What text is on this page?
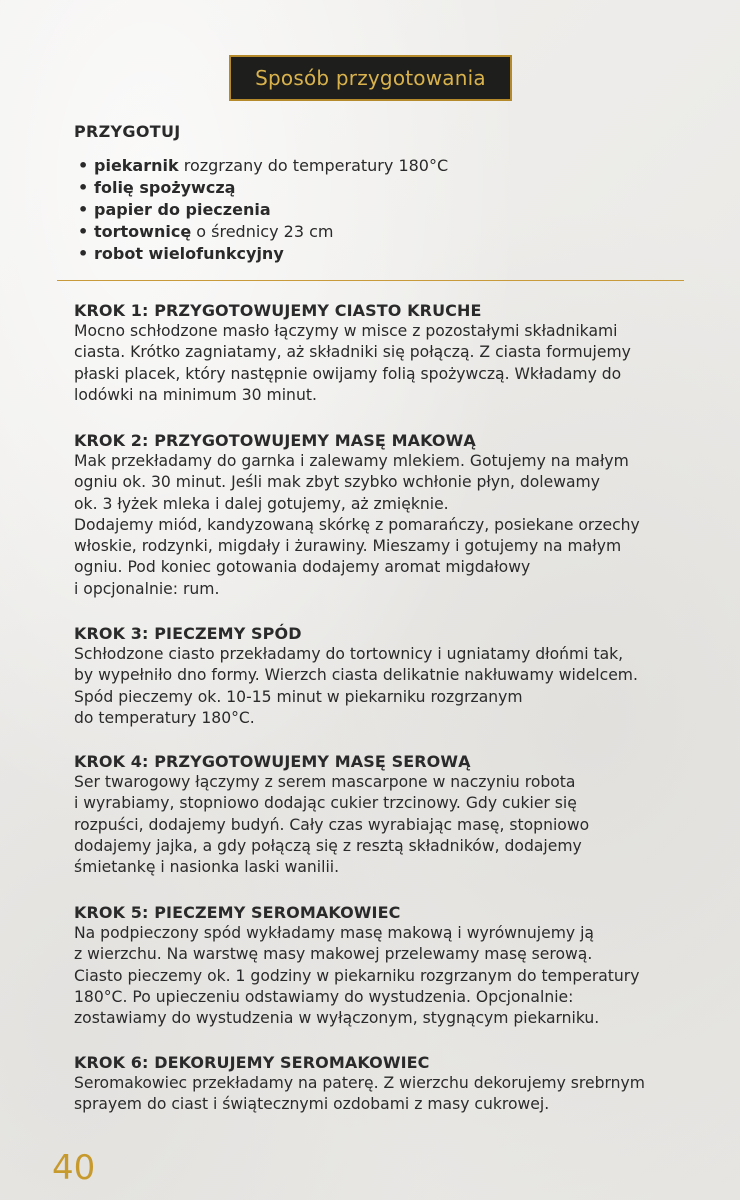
Sposób przygotowania
PRZYGOTUJ
• piekarnik rozgrzany do temperatury 180°C
• folię spożywczą
• papier do pieczenia
• tortownicę o średnicy 23 cm
• robot wielofunkcyjny
KROK 1: PRZYGOTOWUJEMY CIASTO KRUCHE

Mocno schłodzone masło łączymy w misce z pozostałymi składnikami
ciasta. Krótko zagniatamy, aż składniki się połączą. Z ciasta formujemy
płaski placek, który następnie owijamy folią spożywczą. Wkładamy do
lodówki na minimum 30 minut.

KROK 2: PRZYGOTOWUJEMY MASĘ MAKOWĄ

Mak przekładamy do garnka i zalewamy mlekiem. Gotujemy na małym
ogniu ok. 30 minut. Jeśli mak zbyt szybko wchłonie płyn, dolewamy
ok. 3 łyżek mleka i dalej gotujemy, aż zmięknie.
Dodajemy miód, kandyzowaną skórkę z pomarańczy, posiekane orzechy
włoskie, rodzynki, migdały i żurawiny. Mieszamy i gotujemy na małym
ogniu. Pod koniec gotowania dodajemy aromat migdałowy
i opcjonalnie: rum.

KROK 3: PIECZEMY SPÓD

Schłodzone ciasto przekładamy do tortownicy i ugniatamy dłońmi tak,
by wypełniło dno formy. Wierzch ciasta delikatnie nakłuwamy widelcem.
Spód pieczemy ok. 10-15 minut w piekarniku rozgrzanym
do temperatury 180°C.

KROK 4: PRZYGOTOWUJEMY MASĘ SEROWĄ

Ser twarogowy łączymy z serem mascarpone w naczyniu robota
i wyrabiamy, stopniowo dodając cukier trzcinowy. Gdy cukier się
rozpuści, dodajemy budyń. Cały czas wyrabiając masę, stopniowo
dodajemy jajka, a gdy połączą się z resztą składników, dodajemy
śmietankę i nasionka laski wanilii.

KROK 5: PIECZEMY SEROMAKOWIEC

Na podpieczony spód wykładamy masę makową i wyrównujemy ją
z wierzchu. Na warstwę masy makowej przelewamy masę serową.
Ciasto pieczemy ok. 1 godziny w piekarniku rozgrzanym do temperatury
180°C. Po upieczeniu odstawiamy do wystudzenia. Opcjonalnie:
zostawiamy do wystudzenia w wyłączonym, stygnącym piekarniku.

KROK 6: DEKORUJEMY SEROMAKOWIEC

Seromakowiec przekładamy na paterę. Z wierzchu dekorujemy srebrnym
sprayem do ciast i świątecznymi ozdobami z masy cukrowej.

40
